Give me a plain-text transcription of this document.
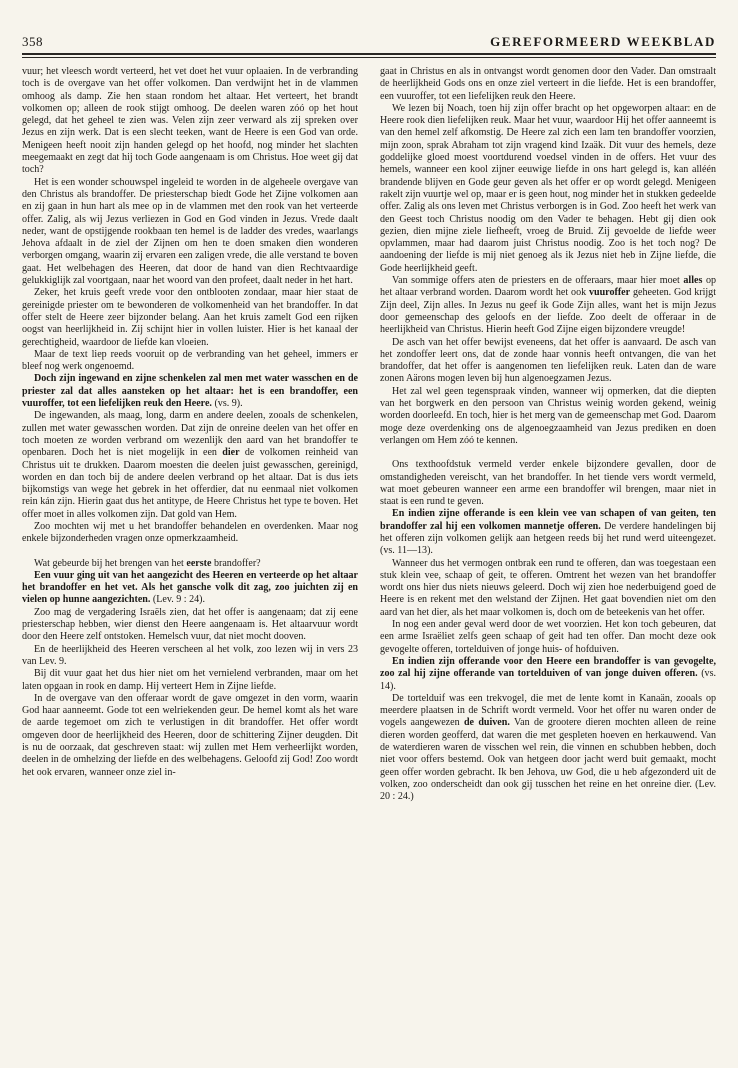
358	GEREFORMEERD WEEKBLAD

vuur; het vleesch wordt verteerd, het vet doet het vuur oplaaien. In de verbranding toch is de overgave van het offer volkomen. Dan verdwijnt het in de vlammen omhoog als damp. Zie hen staan rondom het altaar. Het verteert, het brandt volkomen op; alleen de rook stijgt omhoog. De deelen waren zóó op het hout gelegd, dat het geheel te zien was. Velen zijn zeer verward als zij spreken over Jezus en zijn werk. Dat is een slecht teeken, want de Heere is een God van orde. Menigeen heeft nooit zijn handen gelegd op het hoofd, nog minder het slachten meegemaakt en zegt dat hij toch Gode aangenaam is om Christus. Hoe weet gij dat toch?

Het is een wonder schouwspel ingeleid te worden in de algeheele overgave van den Christus als brandoffer. De priesterschap biedt Gode het Zijne volkomen aan en zij gaan in hun hart als mee op in de vlammen met den rook van het verteerde offer. Zalig, als wij Jezus verliezen in God en God vinden in Jezus. Vrede daalt neder, want de opstijgende rookbaan ten hemel is de ladder des vredes, waarlangs Jehova afdaalt in de ziel der Zijnen om hen te doen smaken dien wonderen verborgen omgang, waarin zij ervaren een zaligen vrede, die alle verstand te boven gaat. Het welbehagen des Heeren, dat door de hand van dien Rechtvaardige gelukkiglijk zal voortgaan, naar het woord van den profeet, daalt neder in het hart.

Zeker, het kruis geeft vrede voor den ontblooten zondaar, maar hier staat de gereinigde priester om te bewonderen de volkomenheid van het brandoffer. In dat offer stelt de Heere zeer bijzonder belang. Aan het kruis zamelt God een rijken oogst van heerlijkheid in. Zij schijnt hier in vollen luister. Hier is het kanaal der gerechtigheid, waardoor de liefde kan vloeien.

Maar de text liep reeds vooruit op de verbranding van het geheel, immers er bleef nog werk ongenoemd.

Doch zijn ingewand en zijne schenkelen zal men met water wasschen en de priester zal dat alles aansteken op het altaar: het is een brandoffer, een vuuroffer, tot een liefelijken reuk den Heere. (vs. 9).

De ingewanden, als maag, long, darm en andere deelen, zooals de schenkelen, zullen met water gewasschen worden. Dat zijn de onreine deelen van het offer en toch moeten ze worden verbrand om wezenlijk den aard van het brandoffer te openbaren. Doch het is niet mogelijk in een dier de volkomen reinheid van Christus uit te drukken. Daarom moesten die deelen juist gewasschen, gereinigd, worden en dan toch bij de andere deelen verbrand op het altaar. Dat is dus iets bijkomstigs van wege het gebrek in het offerdier, dat nu eenmaal niet volkomen rein kán zijn. Hierin gaat dus het antitype, de Heere Christus het type te boven. Het offer moet in alles volkomen zijn. Dat gold van Hem.

Zoo mochten wij met u het brandoffer behandelen en overdenken. Maar nog enkele bijzonderheden vragen onze opmerkzaamheid.

Wat gebeurde bij het brengen van het eerste brandoffer?

Een vuur ging uit van het aangezicht des Heeren en verteerde op het altaar het brandoffer en het vet. Als het gansche volk dit zag, zoo juichten zij en vielen op hunne aangezichten. (Lev. 9 : 24).

Zoo mag de vergadering Israëls zien, dat het offer is aangenaam; dat zij eene priesterschap hebben, wier dienst den Heere aangenaam is. Het altaarvuur wordt door den Heere zelf ontstoken. Hemelsch vuur, dat niet mocht dooven.

En de heerlijkheid des Heeren verscheen al het volk, zoo lezen wij in vers 23 van Lev. 9.

Bij dit vuur gaat het dus hier niet om het vernielend verbranden, maar om het laten opgaan in rook en damp. Hij verteert Hem in Zijne liefde.

In de overgave van den offeraar wordt de gave omgezet in den vorm, waarin God haar aanneemt. Gode tot een welriekenden geur. De hemel komt als het ware de aarde tegemoet om zich te verlustigen in dit brandoffer. Het offer wordt omgeven door de heerlijkheid des Heeren, door de schittering Zijner deugden. Dit is nu de oorzaak, dat geschreven staat: wij zullen met Hem verheerlijkt worden, deelen in de omhelzing der liefde en des welbehagens. Geloofd zij God! Zoo wordt het ook ervaren, wanneer onze ziel in-

gaat in Christus en als in ontvangst wordt genomen door den Vader. Dan omstraalt de heerlijkheid Gods ons en onze ziel verteert in die liefde. Het is een brandoffer, een vuuroffer, tot een liefelijken reuk den Heere.

We lezen bij Noach, toen hij zijn offer bracht op het opgeworpen altaar: en de Heere rook dien liefelijken reuk. Maar het vuur, waardoor Hij het offer aanneemt is van den hemel zelf afkomstig. De Heere zal zich een lam ten brandoffer voorzien, mijn zoon, sprak Abraham tot zijn vragend kind Izaäk. Dit vuur des hemels, deze goddelijke gloed moest voortdurend voedsel vinden in de offers. Het vuur des hemels, wanneer een kool zijner eeuwige liefde in ons hart gelegd is, kan alléén brandende blijven en Gode geur geven als het offer er op wordt gelegd. Menigeen rakelt zijn vuurtje wel op, maar er is geen hout, nog minder het in stukken gedeelde offer. Zalig als ons leven met Christus verborgen is in God. Zoo heeft het werk van den Geest toch Christus noodig om den Vader te behagen. Hebt gij dien ook gezien, dien mijne ziele liefheeft, vroeg de Bruid. Zij gevoelde de liefde weer opvlammen, maar had daarom juist Christus noodig. Zoo is het toch nog? De aandoening der liefde is mij niet genoeg als ik Jezus niet heb in Zijne liefde, die Gode heerlijkheid geeft.

Van sommige offers aten de priesters en de offeraars, maar hier moet alles op het altaar verbrand worden. Daarom wordt het ook vuuroffer geheeten. God krijgt Zijn deel, Zijn alles. In Jezus nu geef ik Gode Zijn alles, want het is mijn Jezus door gemeenschap des geloofs en der liefde. Zoo deelt de offeraar in de heerlijkheid van Christus. Hierin heeft God Zijne eigen bijzondere vreugde!

De asch van het offer bewijst eveneens, dat het offer is aanvaard. De asch van het zondoffer leert ons, dat de zonde haar vonnis heeft ontvangen, die van het brandoffer, dat het offer is aangenomen ten liefelijken reuk. Laten dan de ware zonen Aärons mogen leven bij hun algenoegzamen Jezus.

Het zal wel geen tegenspraak vinden, wanneer wij opmerken, dat die diepten van het borgwerk en den persoon van Christus weinig worden gekend, weinig worden doorleefd. En toch, hier is het merg van de gemeenschap met God. Daarom moge deze overdenking ons de algenoegzaamheid van Jezus prediken en doen verlangen om Hem zóó te kennen.

Ons texthoofdstuk vermeld verder enkele bijzondere gevallen, door de omstandigheden vereischt, van het brandoffer. In het tiende vers wordt vermeld, wat moet gebeuren wanneer een arme een brandoffer wil brengen, maar niet in staat is een rund te geven.

En indien zijne offerande is een klein vee van schapen of van geiten, ten brandoffer zal hij een volkomen mannetje offeren. De verdere handelingen bij het offeren zijn volkomen gelijk aan hetgeen reeds bij het rund werd uiteengezet. (vs. 11—13).

Wanneer dus het vermogen ontbrak een rund te offeren, dan was toegestaan een stuk klein vee, schaap of geit, te offeren. Omtrent het wezen van het brandoffer wordt ons hier dus niets nieuws geleerd. Doch wij zien hoe nederbuigend goed de Heere is en rekent met den welstand der Zijnen. Het gaat bovendien niet om den aard van het dier, als het maar volkomen is, doch om de beteekenis van het offer.

In nog een ander geval werd door de wet voorzien. Het kon toch gebeuren, dat een arme Israëliet zelfs geen schaap of geit had ten offer. Dan mocht deze ook gevogelte offeren, tortelduiven of jonge huis- of hofduiven.

En indien zijn offerande voor den Heere een brandoffer is van gevogelte, zoo zal hij zijne offerande van tortelduiven of van jonge duiven offeren. (vs. 14).

De tortelduif was een trekvogel, die met de lente komt in Kanaän, zooals op meerdere plaatsen in de Schrift wordt vermeld. Voor het offer nu waren onder de vogels aangewezen de duiven. Van de grootere dieren mochten alleen de reine dieren worden geofferd, dat waren die met gespleten hoeven en herkauwend. Van de waterdieren waren de visschen wel rein, die vinnen en schubben hebben, doch niet voor offers bestemd. Ook van hetgeen door jacht werd buit gemaakt, mocht geen offer worden gebracht. Ik ben Jehova, uw God, die u heb afgezonderd uit de volken, zoo onderscheidt dan ook gij tusschen het reine en het onreine dier. (Lev. 20 : 24.)
